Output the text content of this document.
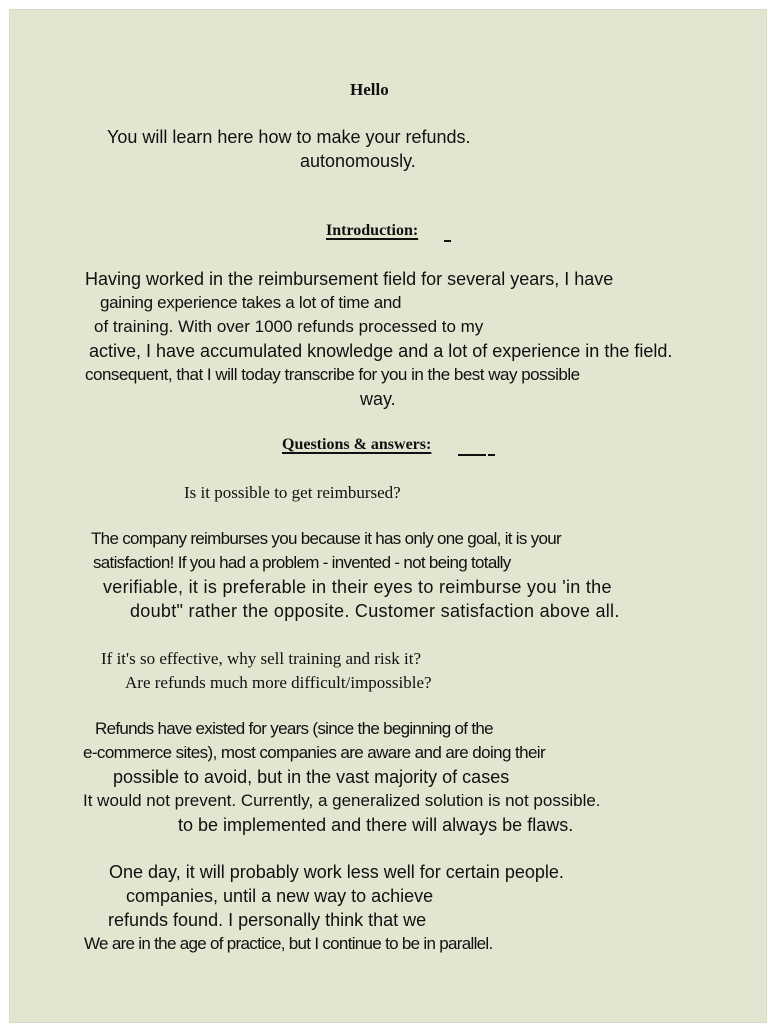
Hello
You will learn here how to make your refunds.
autonomously.
Introduction:
Having worked in the reimbursement field for several years, I have
gaining experience takes a lot of time and
of training. With over 1000 refunds processed to my
active, I have accumulated knowledge and a lot of experience in the field.
consequent, that I will today transcribe for you in the best way possible
way.
Questions & answers:
Is it possible to get reimbursed?
The company reimburses you because it has only one goal, it is your
satisfaction! If you had a problem - invented - not being totally
verifiable, it is preferable in their eyes to reimburse you 'in the
doubt" rather the opposite. Customer satisfaction above all.
If it's so effective, why sell training and risk it?
Are refunds much more difficult/impossible?
Refunds have existed for years (since the beginning of the
e-commerce sites), most companies are aware and are doing their
possible to avoid, but in the vast majority of cases
It would not prevent. Currently, a generalized solution is not possible.
to be implemented and there will always be flaws.
One day, it will probably work less well for certain people.
companies, until a new way to achieve
refunds found. I personally think that we
We are in the age of practice, but I continue to be in parallel.
